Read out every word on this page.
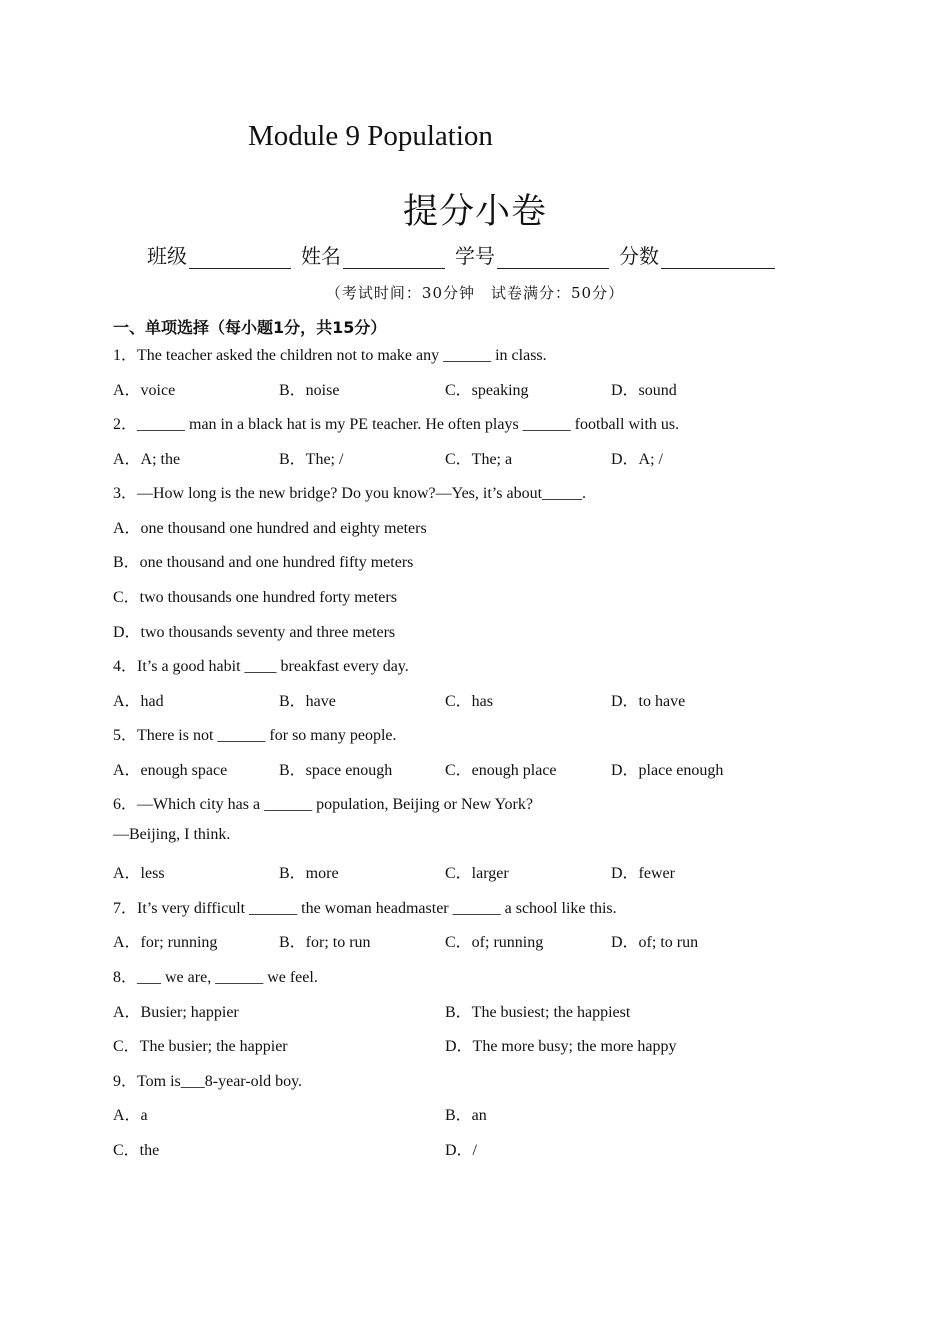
Module 9 Population
提分小卷
班级	姓名	学号	分数
（考试时间：30分钟　试卷满分：50分）
一、单项选择（每小题1分，共15分）
1．The teacher asked the children not to make any ______ in class.
A．voice	B．noise	C．speaking	D．sound
2．______ man in a black hat is my PE teacher. He often plays ______ football with us.
A．A; the	B．The; /	C．The; a	D．A; /
3．—How long is the new bridge? Do you know?—Yes, it’s about_____.
A．one thousand one hundred and eighty meters
B．one thousand and one hundred fifty meters
C．two thousands one hundred forty meters
D．two thousands seventy and three meters
4．It’s a good habit ____ breakfast every day.
A．had	B．have	C．has	D．to have
5．There is not ______ for so many people.
A．enough space	B．space enough	C．enough place	D．place enough
6．—Which city has a ______ population, Beijing or New York?
—Beijing, I think.
A．less	B．more	C．larger	D．fewer
7．It’s very difficult ______ the woman headmaster ______ a school like this.
A．for; running	B．for; to run	C．of; running	D．of; to run
8．___ we are, ______ we feel.
A．Busier; happier	B．The busiest; the happiest
C．The busier; the happier	D．The more busy; the more happy
9．Tom is___8-year-old boy.
A．a	B．an
C．the	D．/
